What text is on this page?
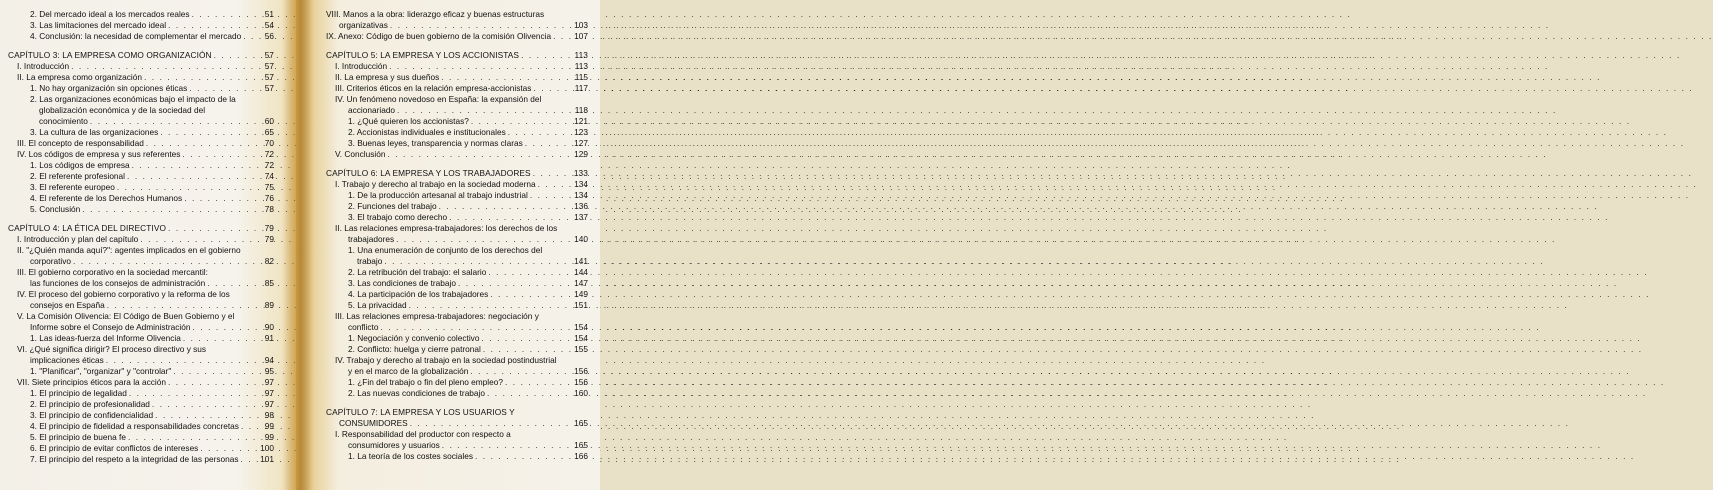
2. Del mercado ideal a los mercados reales . . .	51
3. Las limitaciones del mercado ideal . . .	54
4. Conclusión: la necesidad de complementar el mercado . . .	56
CAPÍTULO 3: LA EMPRESA COMO ORGANIZACIÓN . . .	57
I. Introducción . . .	57
II. La empresa como organización . . .	57
1. No hay organización sin opciones éticas . . .	57
2. Las organizaciones económicas bajo el impacto de la
globalización económica y de la sociedad del
conocimiento . . .	60
3. La cultura de las organizaciones . . .	65
III. El concepto de responsabilidad . . .	70
IV. Los códigos de empresa y sus referentes . . .	72
1. Los códigos de empresa . . .	72
2. El referente profesional . . .	74
3. El referente europeo . . .	75
4. El referente de los Derechos Humanos . . .	76
5. Conclusión . . .	78
CAPÍTULO 4: LA ÉTICA DEL DIRECTIVO . . .	79
I. Introducción y plan del capítulo . . .	79
II. "¿Quién manda aquí?": agentes implicados en el gobierno
corporativo . . .	82
III. El gobierno corporativo en la sociedad mercantil:
las funciones de los consejos de administración . . .	85
IV. El proceso del gobierno corporativo y la reforma de los
consejos en España . . .	89
V. La Comisión Olivencia: El Código de Buen Gobierno y el
Informe sobre el Consejo de Administración . . .	90
1. Las ideas-fuerza del Informe Olivencia . . .	91
VI. ¿Qué significa dirigir? El proceso directivo y sus
implicaciones éticas . . .	94
1. "Planificar", "organizar" y "controlar" . . .	95
VII. Siete principios éticos para la acción . . .	97
1. El principio de legalidad . . .	97
2. El principio de profesionalidad . . .	97
3. El principio de confidencialidad . . .	98
4. El principio de fidelidad a responsabilidades concretas . . .	99
5. El principio de buena fe . . .	99
6. El principio de evitar conflictos de intereses . . .	100
7. El principio del respeto a la integridad de las personas . . .	101
VIII. Manos a la obra: liderazgo eficaz y buenas estructuras
organizativas . . .	103
IX. Anexo: Código de buen gobierno de la comisión Olivencia . . .	107
CAPÍTULO 5: LA EMPRESA Y LOS ACCIONISTAS . . .	113
I. Introducción . . .	113
II. La empresa y sus dueños . . .	115
III. Criterios éticos en la relación empresa-accionistas . . .	117
IV. Un fenómeno novedoso en España: la expansión del
accionariado . . .	118
1. ¿Qué quieren los accionistas? . . .	121
2. Accionistas individuales e institucionales . . .	123
3. Buenas leyes, transparencia y normas claras . . .	127
V. Conclusión . . .	129
CAPÍTULO 6: LA EMPRESA Y LOS TRABAJADORES . . .	133
I. Trabajo y derecho al trabajo en la sociedad moderna . . .	134
1. De la producción artesanal al trabajo industrial . . .	134
2. Funciones del trabajo . . .	136
3. El trabajo como derecho . . .	137
II. Las relaciones empresa-trabajadores: los derechos de los
trabajadores . . .	140
1. Una enumeración de conjunto de los derechos del
trabajo . . .	141
2. La retribución del trabajo: el salario . . .	144
3. Las condiciones de trabajo . . .	147
4. La participación de los trabajadores . . .	149
5. La privacidad . . .	151
III. Las relaciones empresa-trabajadores: negociación y
conflicto . . .	154
1. Negociación y convenio colectivo . . .	154
2. Conflicto: huelga y cierre patronal . . .	155
IV. Trabajo y derecho al trabajo en la sociedad postindustrial
y en el marco de la globalización . . .	156
1. ¿Fin del trabajo o fin del pleno empleo? . . .	156
2. Las nuevas condiciones de trabajo . . .	160
CAPÍTULO 7: LA EMPRESA Y LOS USUARIOS Y
CONSUMIDORES . . .	165
I. Responsabilidad del productor con respecto a
consumidores y usuarios . . .	165
1. La teoría de los costes sociales . . .	166
